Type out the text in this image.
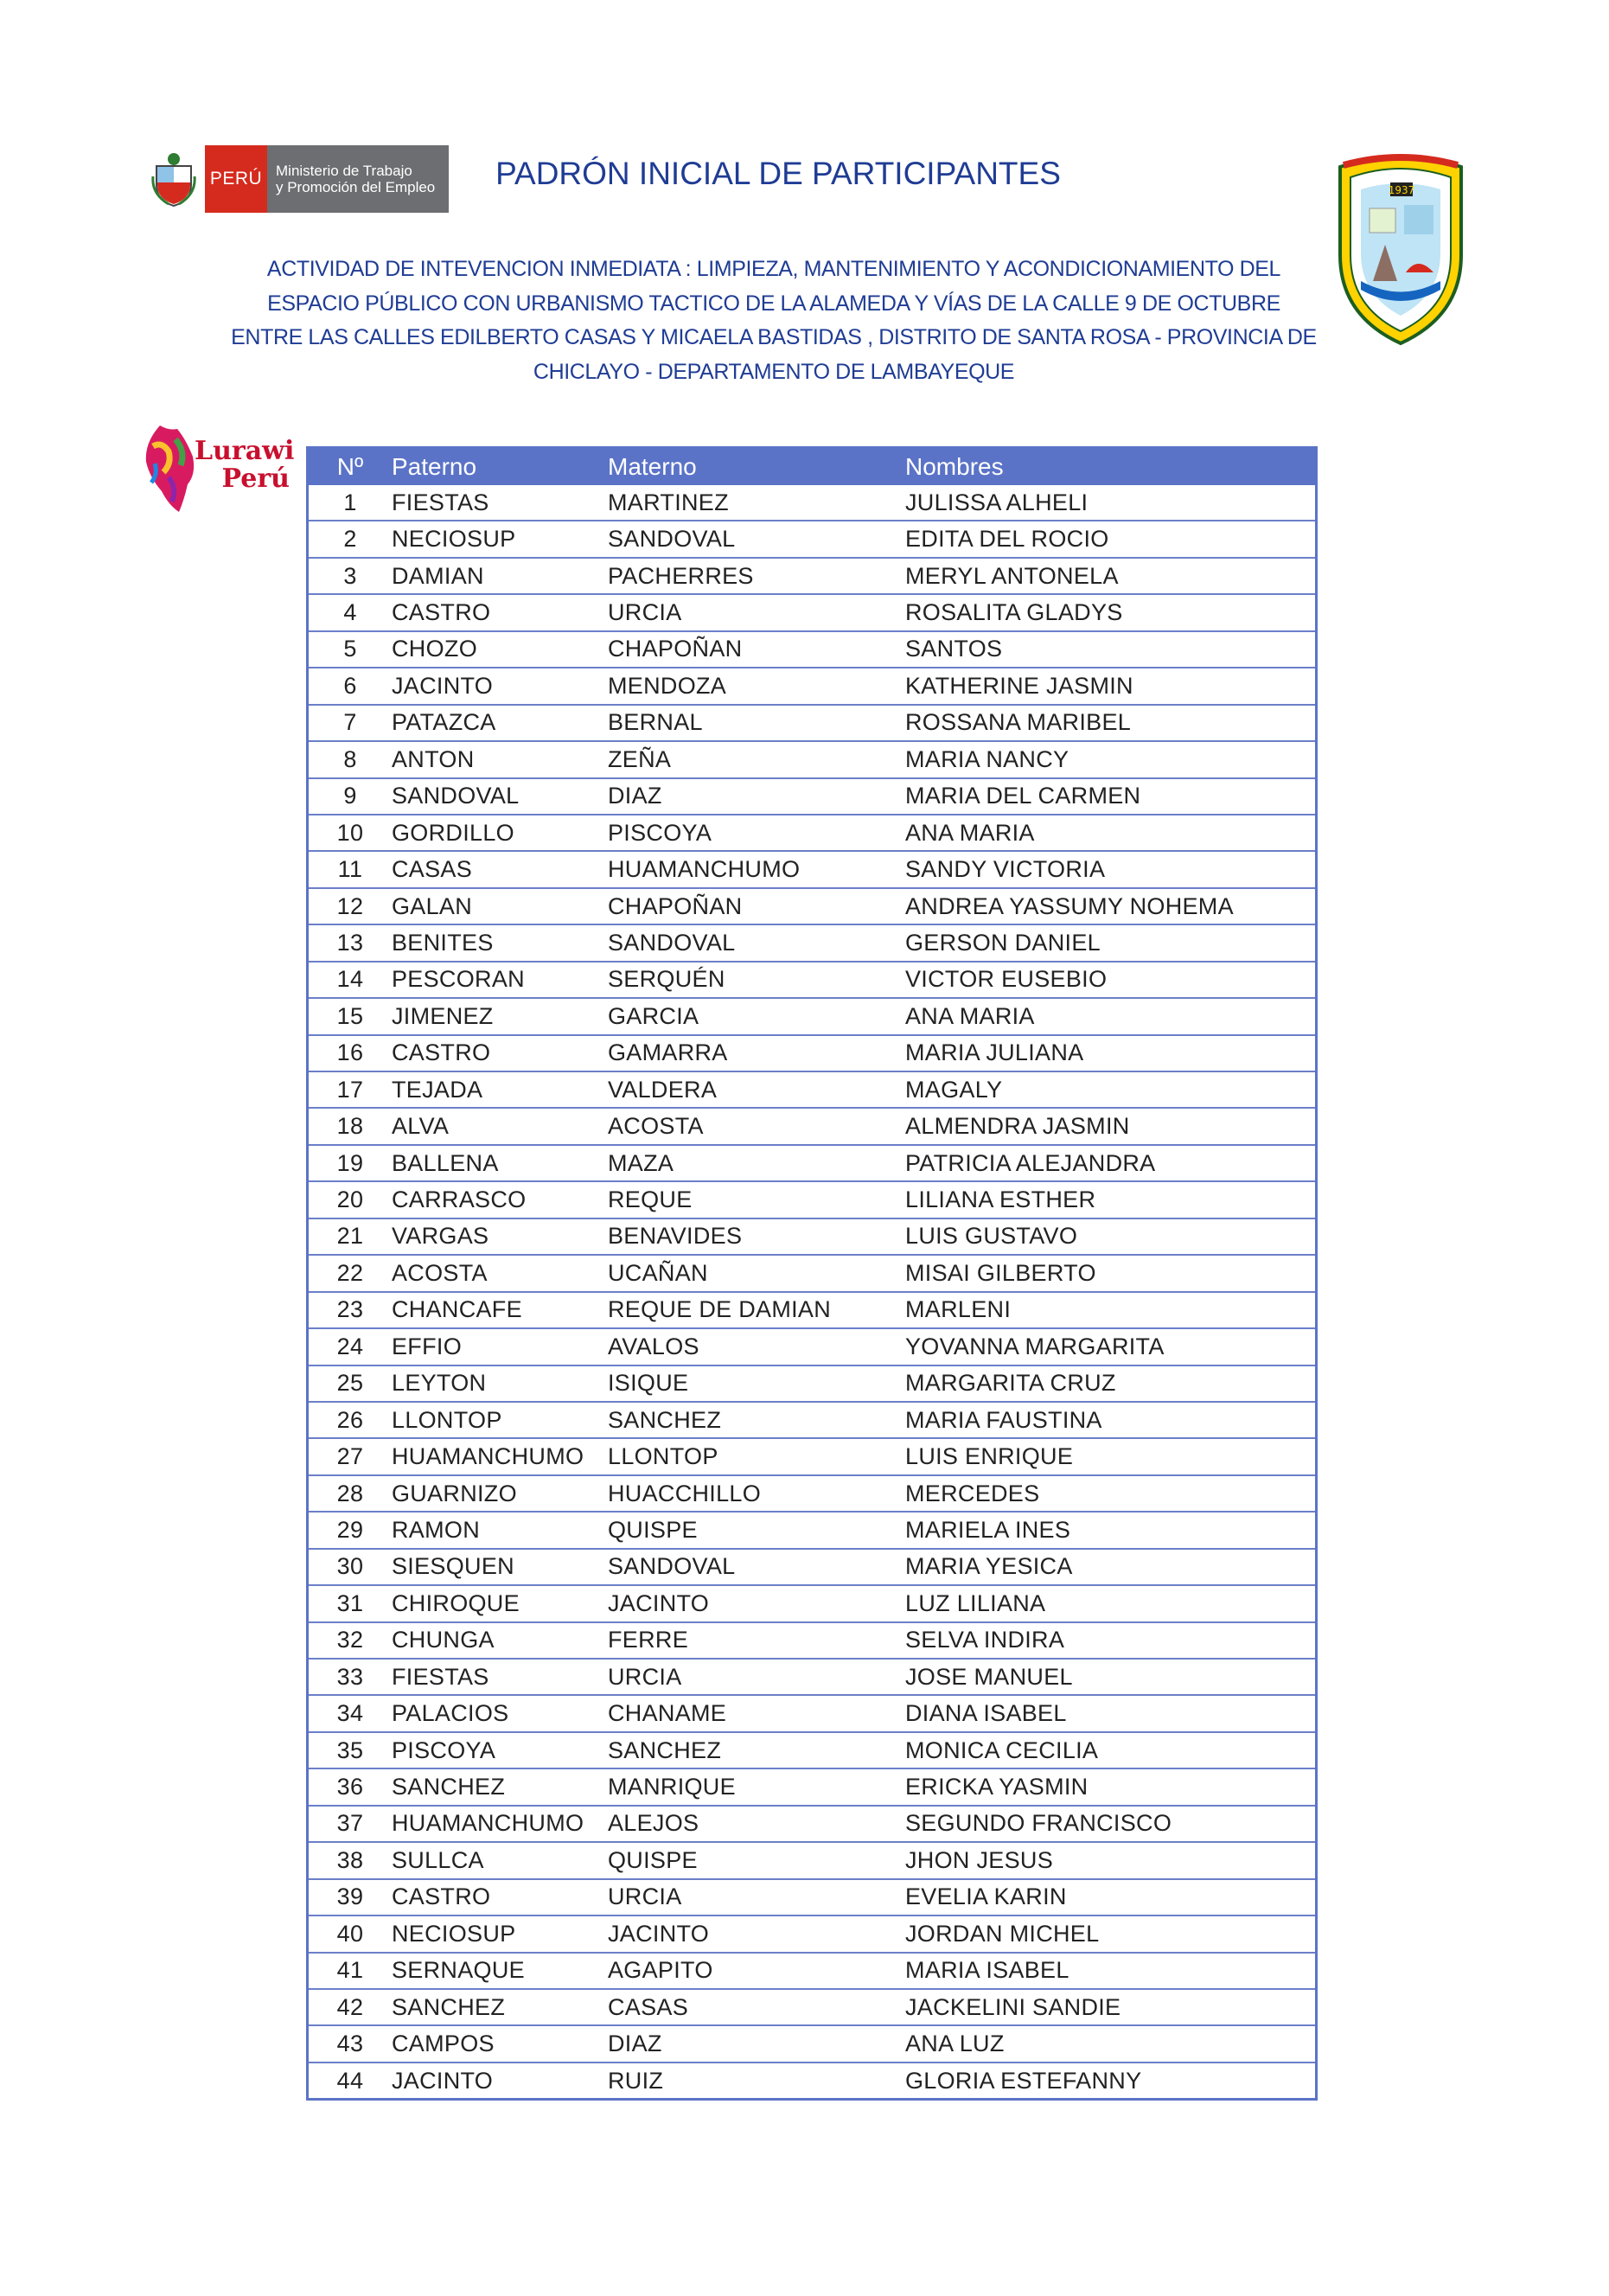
PERÚ Ministerio de Trabajo
y Promoción del Empleo	PADRÓN INICIAL DE PARTICIPANTES
ACTIVIDAD DE INTEVENCION INMEDIATA : LIMPIEZA, MANTENIMIENTO Y ACONDICIONAMIENTO DEL ESPACIO PÚBLICO CON URBANISMO TACTICO DE LA ALAMEDA Y VÍAS DE LA CALLE 9 DE OCTUBRE ENTRE LAS CALLES EDILBERTO CASAS Y MICAELA BASTIDAS , DISTRITO DE SANTA ROSA - PROVINCIA DE CHICLAYO - DEPARTAMENTO DE LAMBAYEQUE
1937
Lurawi
Perú Nº	Paterno	Materno	Nombres
1	FIESTAS	MARTINEZ	JULISSA ALHELI
2	NECIOSUP	SANDOVAL	EDITA DEL ROCIO
3	DAMIAN	PACHERRES	MERYL ANTONELA
4	CASTRO	URCIA	ROSALITA GLADYS
5	CHOZO	CHAPOÑAN	SANTOS
6	JACINTO	MENDOZA	KATHERINE JASMIN
7	PATAZCA	BERNAL	ROSSANA MARIBEL
8	ANTON	ZEÑA	MARIA NANCY
9	SANDOVAL	DIAZ	MARIA DEL CARMEN
10	GORDILLO	PISCOYA	ANA MARIA
11	CASAS	HUAMANCHUMO	SANDY VICTORIA
12	GALAN	CHAPOÑAN	ANDREA YASSUMY NOHEMA
13	BENITES	SANDOVAL	GERSON DANIEL
14	PESCORAN	SERQUÉN	VICTOR EUSEBIO
15	JIMENEZ	GARCIA	ANA MARIA
16	CASTRO	GAMARRA	MARIA JULIANA
17	TEJADA	VALDERA	MAGALY
18	ALVA	ACOSTA	ALMENDRA JASMIN
19	BALLENA	MAZA	PATRICIA ALEJANDRA
20	CARRASCO	REQUE	LILIANA ESTHER
21	VARGAS	BENAVIDES	LUIS GUSTAVO
22	ACOSTA	UCAÑAN	MISAI GILBERTO
23	CHANCAFE	REQUE DE DAMIAN	MARLENI
24	EFFIO	AVALOS	YOVANNA MARGARITA
25	LEYTON	ISIQUE	MARGARITA CRUZ
26	LLONTOP	SANCHEZ	MARIA FAUSTINA
27	HUAMANCHUMO	LLONTOP	LUIS ENRIQUE
28	GUARNIZO	HUACCHILLO	MERCEDES
29	RAMON	QUISPE	MARIELA INES
30	SIESQUEN	SANDOVAL	MARIA YESICA
31	CHIROQUE	JACINTO	LUZ LILIANA
32	CHUNGA	FERRE	SELVA INDIRA
33	FIESTAS	URCIA	JOSE MANUEL
34	PALACIOS	CHANAME	DIANA ISABEL
35	PISCOYA	SANCHEZ	MONICA CECILIA
36	SANCHEZ	MANRIQUE	ERICKA YASMIN
37	HUAMANCHUMO	ALEJOS	SEGUNDO FRANCISCO
38	SULLCA	QUISPE	JHON JESUS
39	CASTRO	URCIA	EVELIA KARIN
40	NECIOSUP	JACINTO	JORDAN MICHEL
41	SERNAQUE	AGAPITO	MARIA ISABEL
42	SANCHEZ	CASAS	JACKELINI SANDIE
43	CAMPOS	DIAZ	ANA LUZ
44	JACINTO	RUIZ	GLORIA ESTEFANNY
